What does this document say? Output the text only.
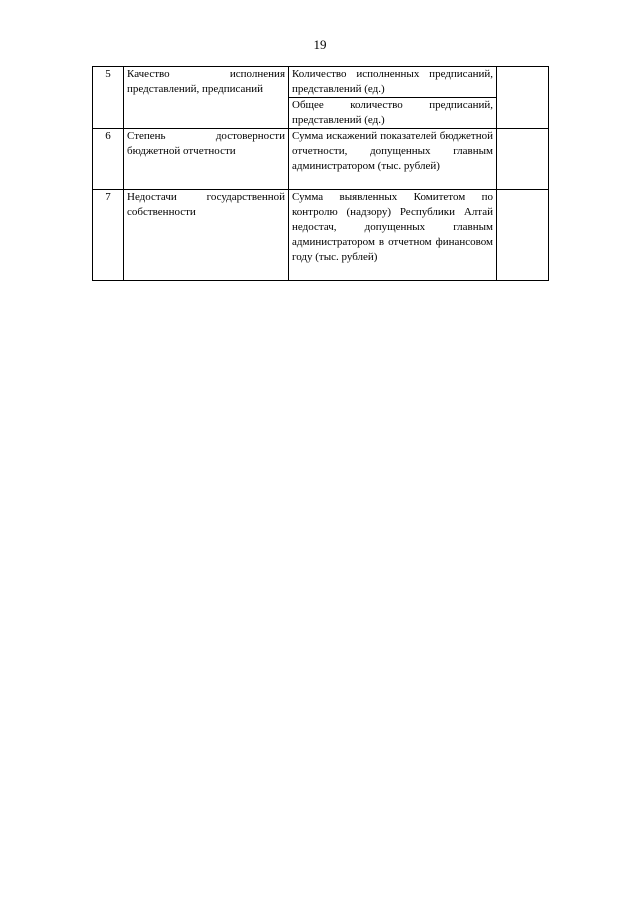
19
5	Качество исполнения представлений, предписаний	Количество исполненных предписаний, представлений (ед.)	
		Общее количество предписаний, представлений (ед.)	
6	Степень достоверности бюджетной отчетности	Сумма искажений показателей бюджетной отчетности, допущенных главным администратором (тыс. рублей)	
7	Недостачи государственной собственности	Сумма выявленных Комитетом по контролю (надзору) Республики Алтай недостач, допущенных главным администратором в отчетном финансовом году (тыс. рублей)	
